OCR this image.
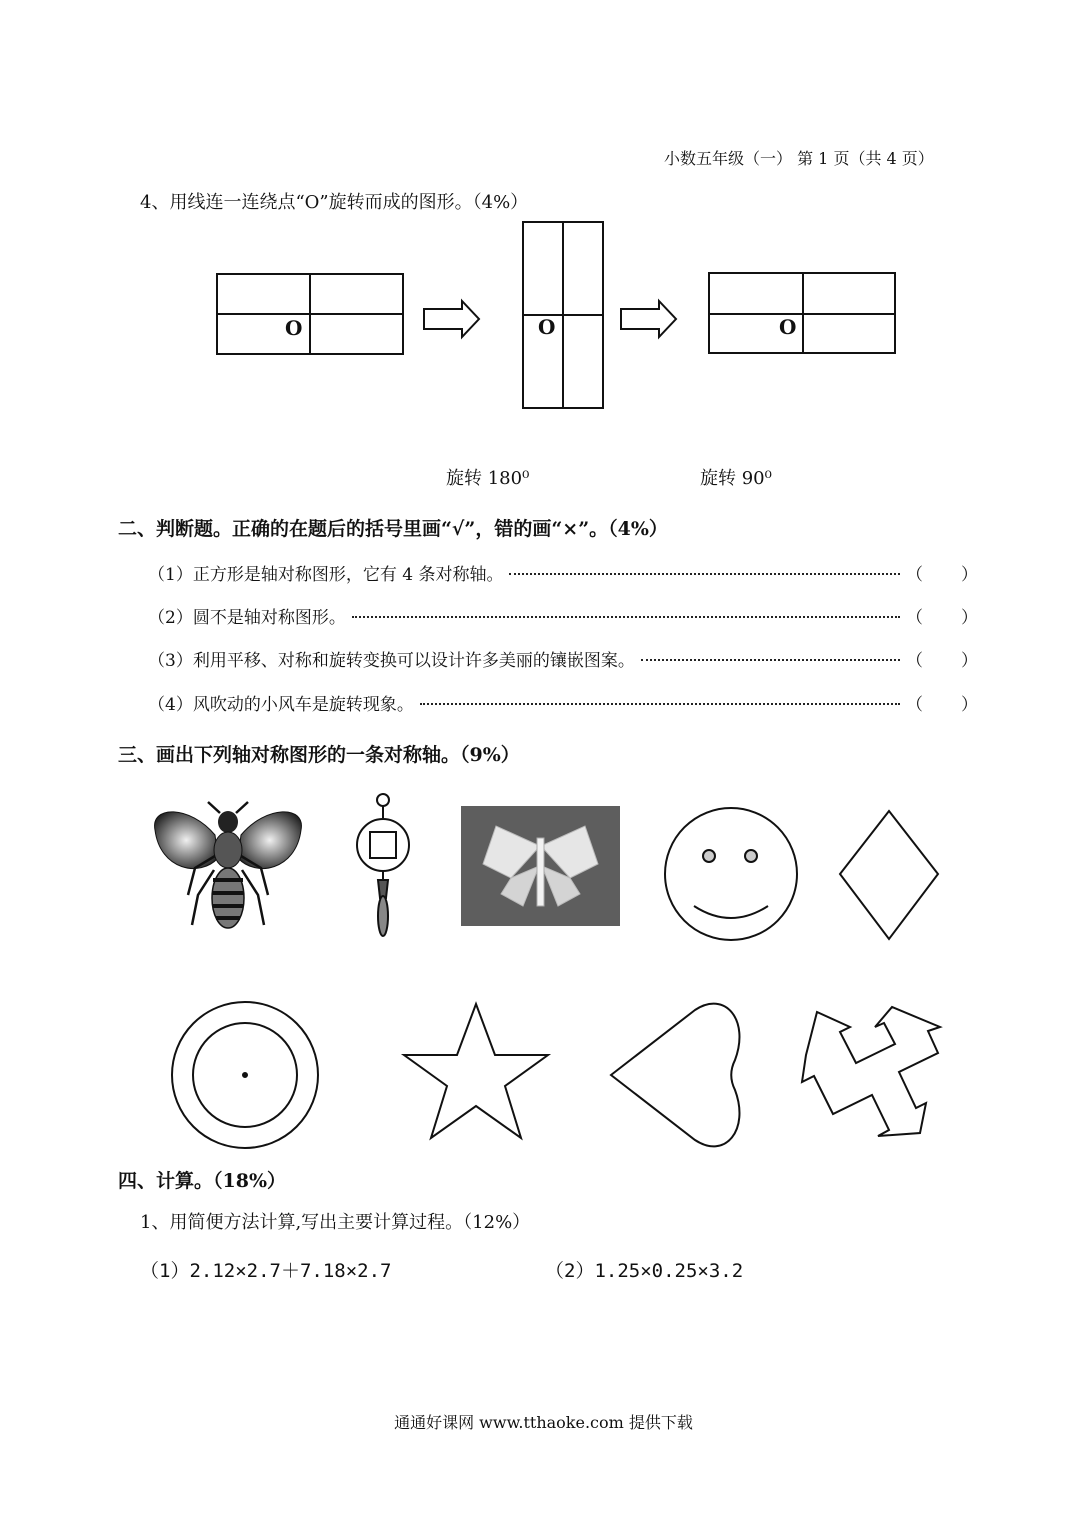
小数五年级（一） 第 1 页（共 4 页）
4、用线连一连绕点“O”旋转而成的图形。（4%）
O	O	O
旋转 180⁰	旋转 90⁰
二、判断题。正确的在题后的括号里画“√”，错的画“×”。（4%）
（1）正方形是轴对称图形，它有 4 条对称轴。	（ ）
（2）圆不是轴对称图形。	（ ）
（3）利用平移、对称和旋转变换可以设计许多美丽的镶嵌图案。	（ ）
（4）风吹动的小风车是旋转现象。	（ ）
三、画出下列轴对称图形的一条对称轴。（9%）
四、计算。（18%）
1、用简便方法计算,写出主要计算过程。（12%）
（1）2.12×2.7＋7.18×2.7	（2）1.25×0.25×3.2
通通好课网 www.tthaoke.com 提供下载
